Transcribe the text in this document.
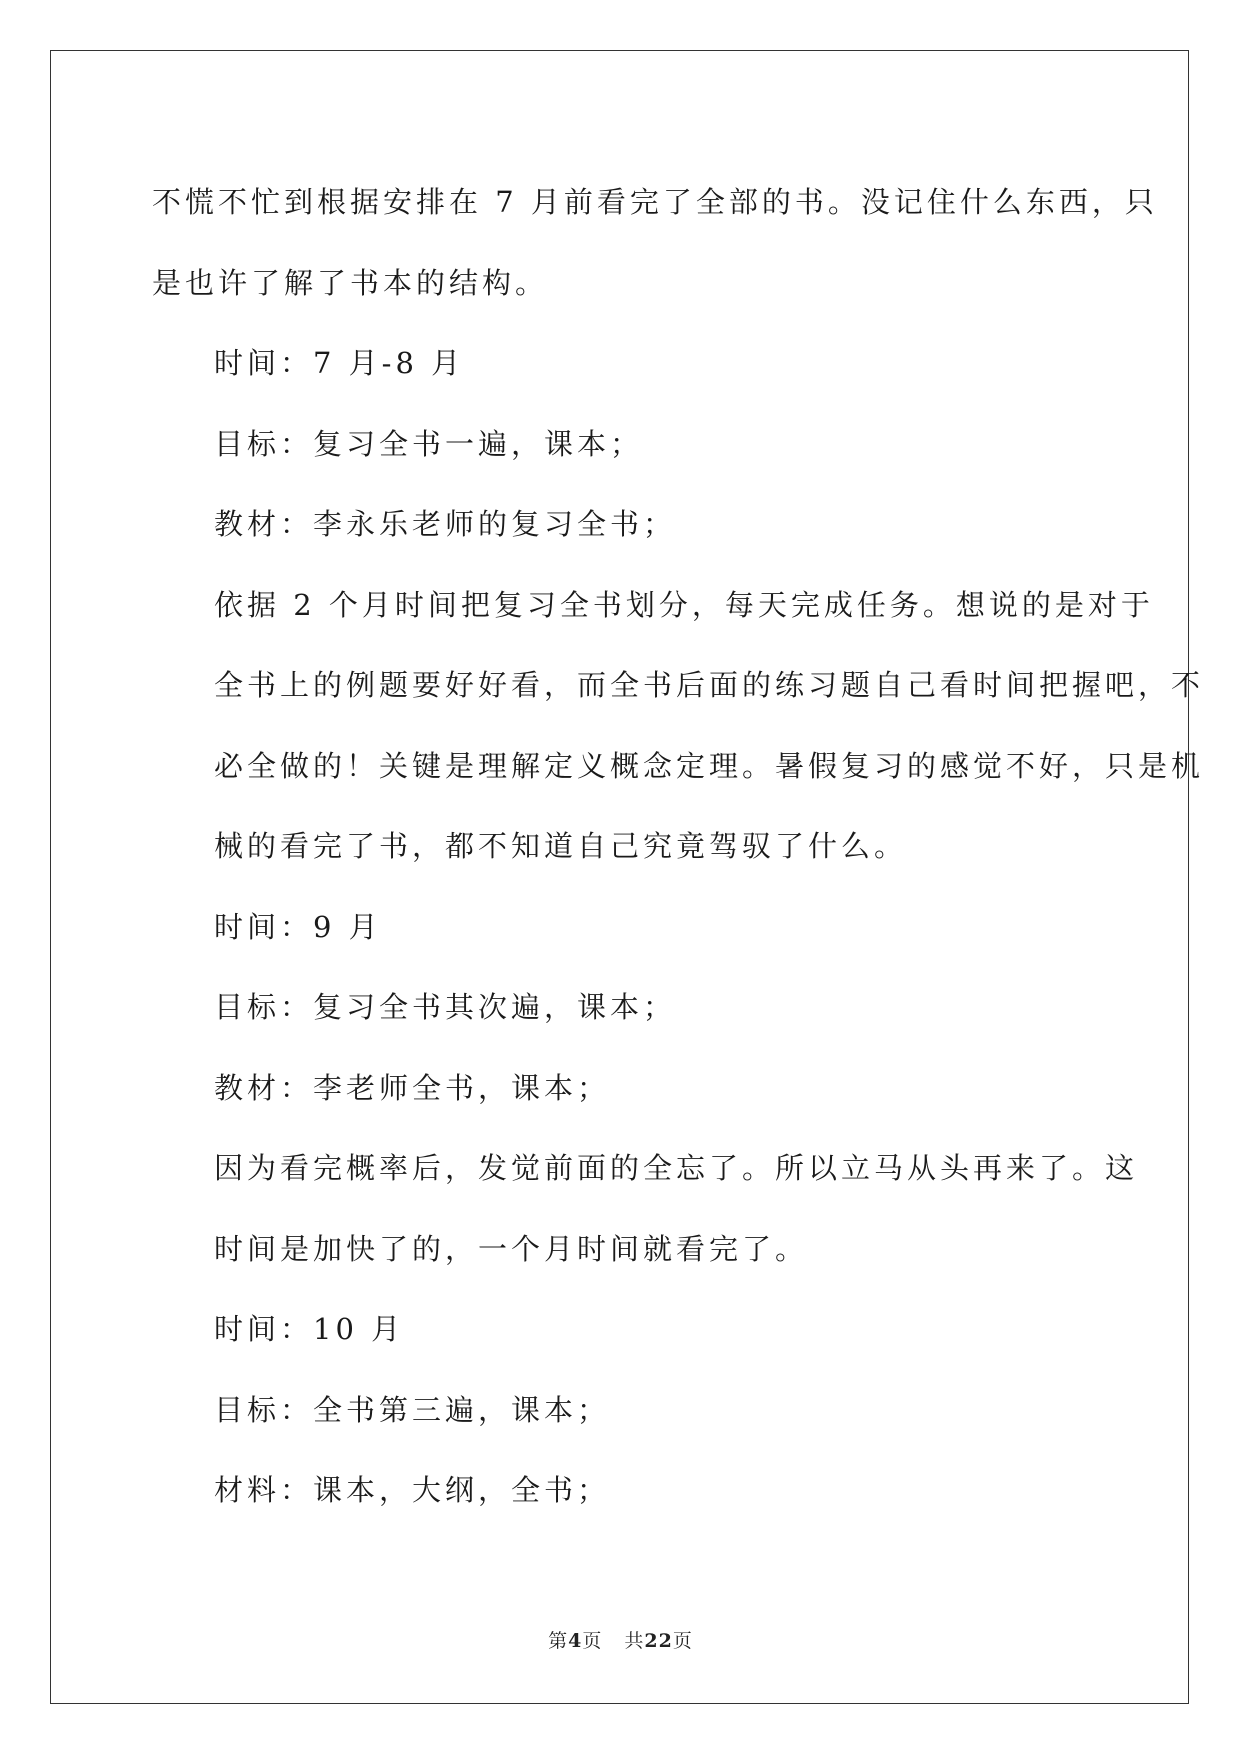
不慌不忙到根据安排在 7 月前看完了全部的书。没记住什么东西，只
是也许了解了书本的结构。

时间：7 月-8 月

目标：复习全书一遍，课本；

教材：李永乐老师的复习全书；

依据 2 个月时间把复习全书划分，每天完成任务。想说的是对于
全书上的例题要好好看，而全书后面的练习题自己看时间把握吧，不
必全做的！关键是理解定义概念定理。暑假复习的感觉不好，只是机
械的看完了书，都不知道自己究竟驾驭了什么。

时间：9 月

目标：复习全书其次遍，课本；

教材：李老师全书，课本；

因为看完概率后，发觉前面的全忘了。所以立马从头再来了。这
时间是加快了的，一个月时间就看完了。

时间：10 月

目标：全书第三遍，课本；

材料：课本，大纲，全书；

第4页 共22页
